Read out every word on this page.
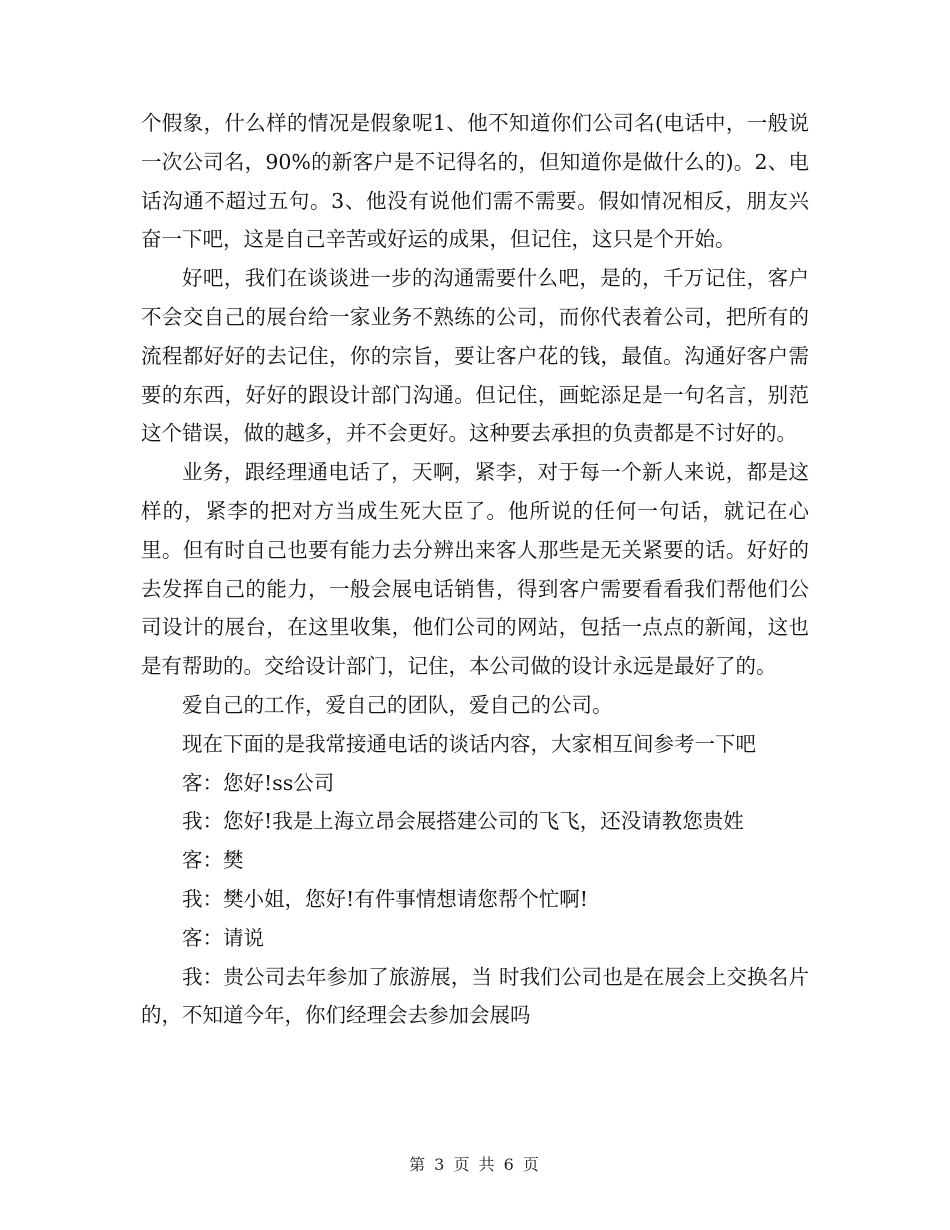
个假象，什么样的情况是假象呢1、他不知道你们公司名(电话中，一般说一次公司名，90%的新客户是不记得名的，但知道你是做什么的)。2、电话沟通不超过五句。3、他没有说他们需不需要。假如情况相反，朋友兴奋一下吧，这是自己辛苦或好运的成果，但记住，这只是个开始。

好吧，我们在谈谈进一步的沟通需要什么吧，是的，千万记住，客户不会交自己的展台给一家业务不熟练的公司，而你代表着公司，把所有的流程都好好的去记住，你的宗旨，要让客户花的钱，最值。沟通好客户需要的东西，好好的跟设计部门沟通。但记住，画蛇添足是一句名言，别范这个错误，做的越多，并不会更好。这种要去承担的负责都是不讨好的。

业务，跟经理通电话了，天啊，紧李，对于每一个新人来说，都是这样的，紧李的把对方当成生死大臣了。他所说的任何一句话，就记在心里。但有时自己也要有能力去分辨出来客人那些是无关紧要的话。好好的去发挥自己的能力，一般会展电话销售，得到客户需要看看我们帮他们公司设计的展台，在这里收集，他们公司的网站，包括一点点的新闻，这也是有帮助的。交给设计部门，记住，本公司做的设计永远是最好了的。

爱自己的工作，爱自己的团队，爱自己的公司。

现在下面的是我常接通电话的谈话内容，大家相互间参考一下吧

客：您好!ss公司

我：您好!我是上海立昂会展搭建公司的飞飞，还没请教您贵姓

客：樊

我：樊小姐，您好!有件事情想请您帮个忙啊!

客：请说

我：贵公司去年参加了旅游展，当 时我们公司也是在展会上交换名片的，不知道今年，你们经理会去参加会展吗

第 3 页 共 6 页
